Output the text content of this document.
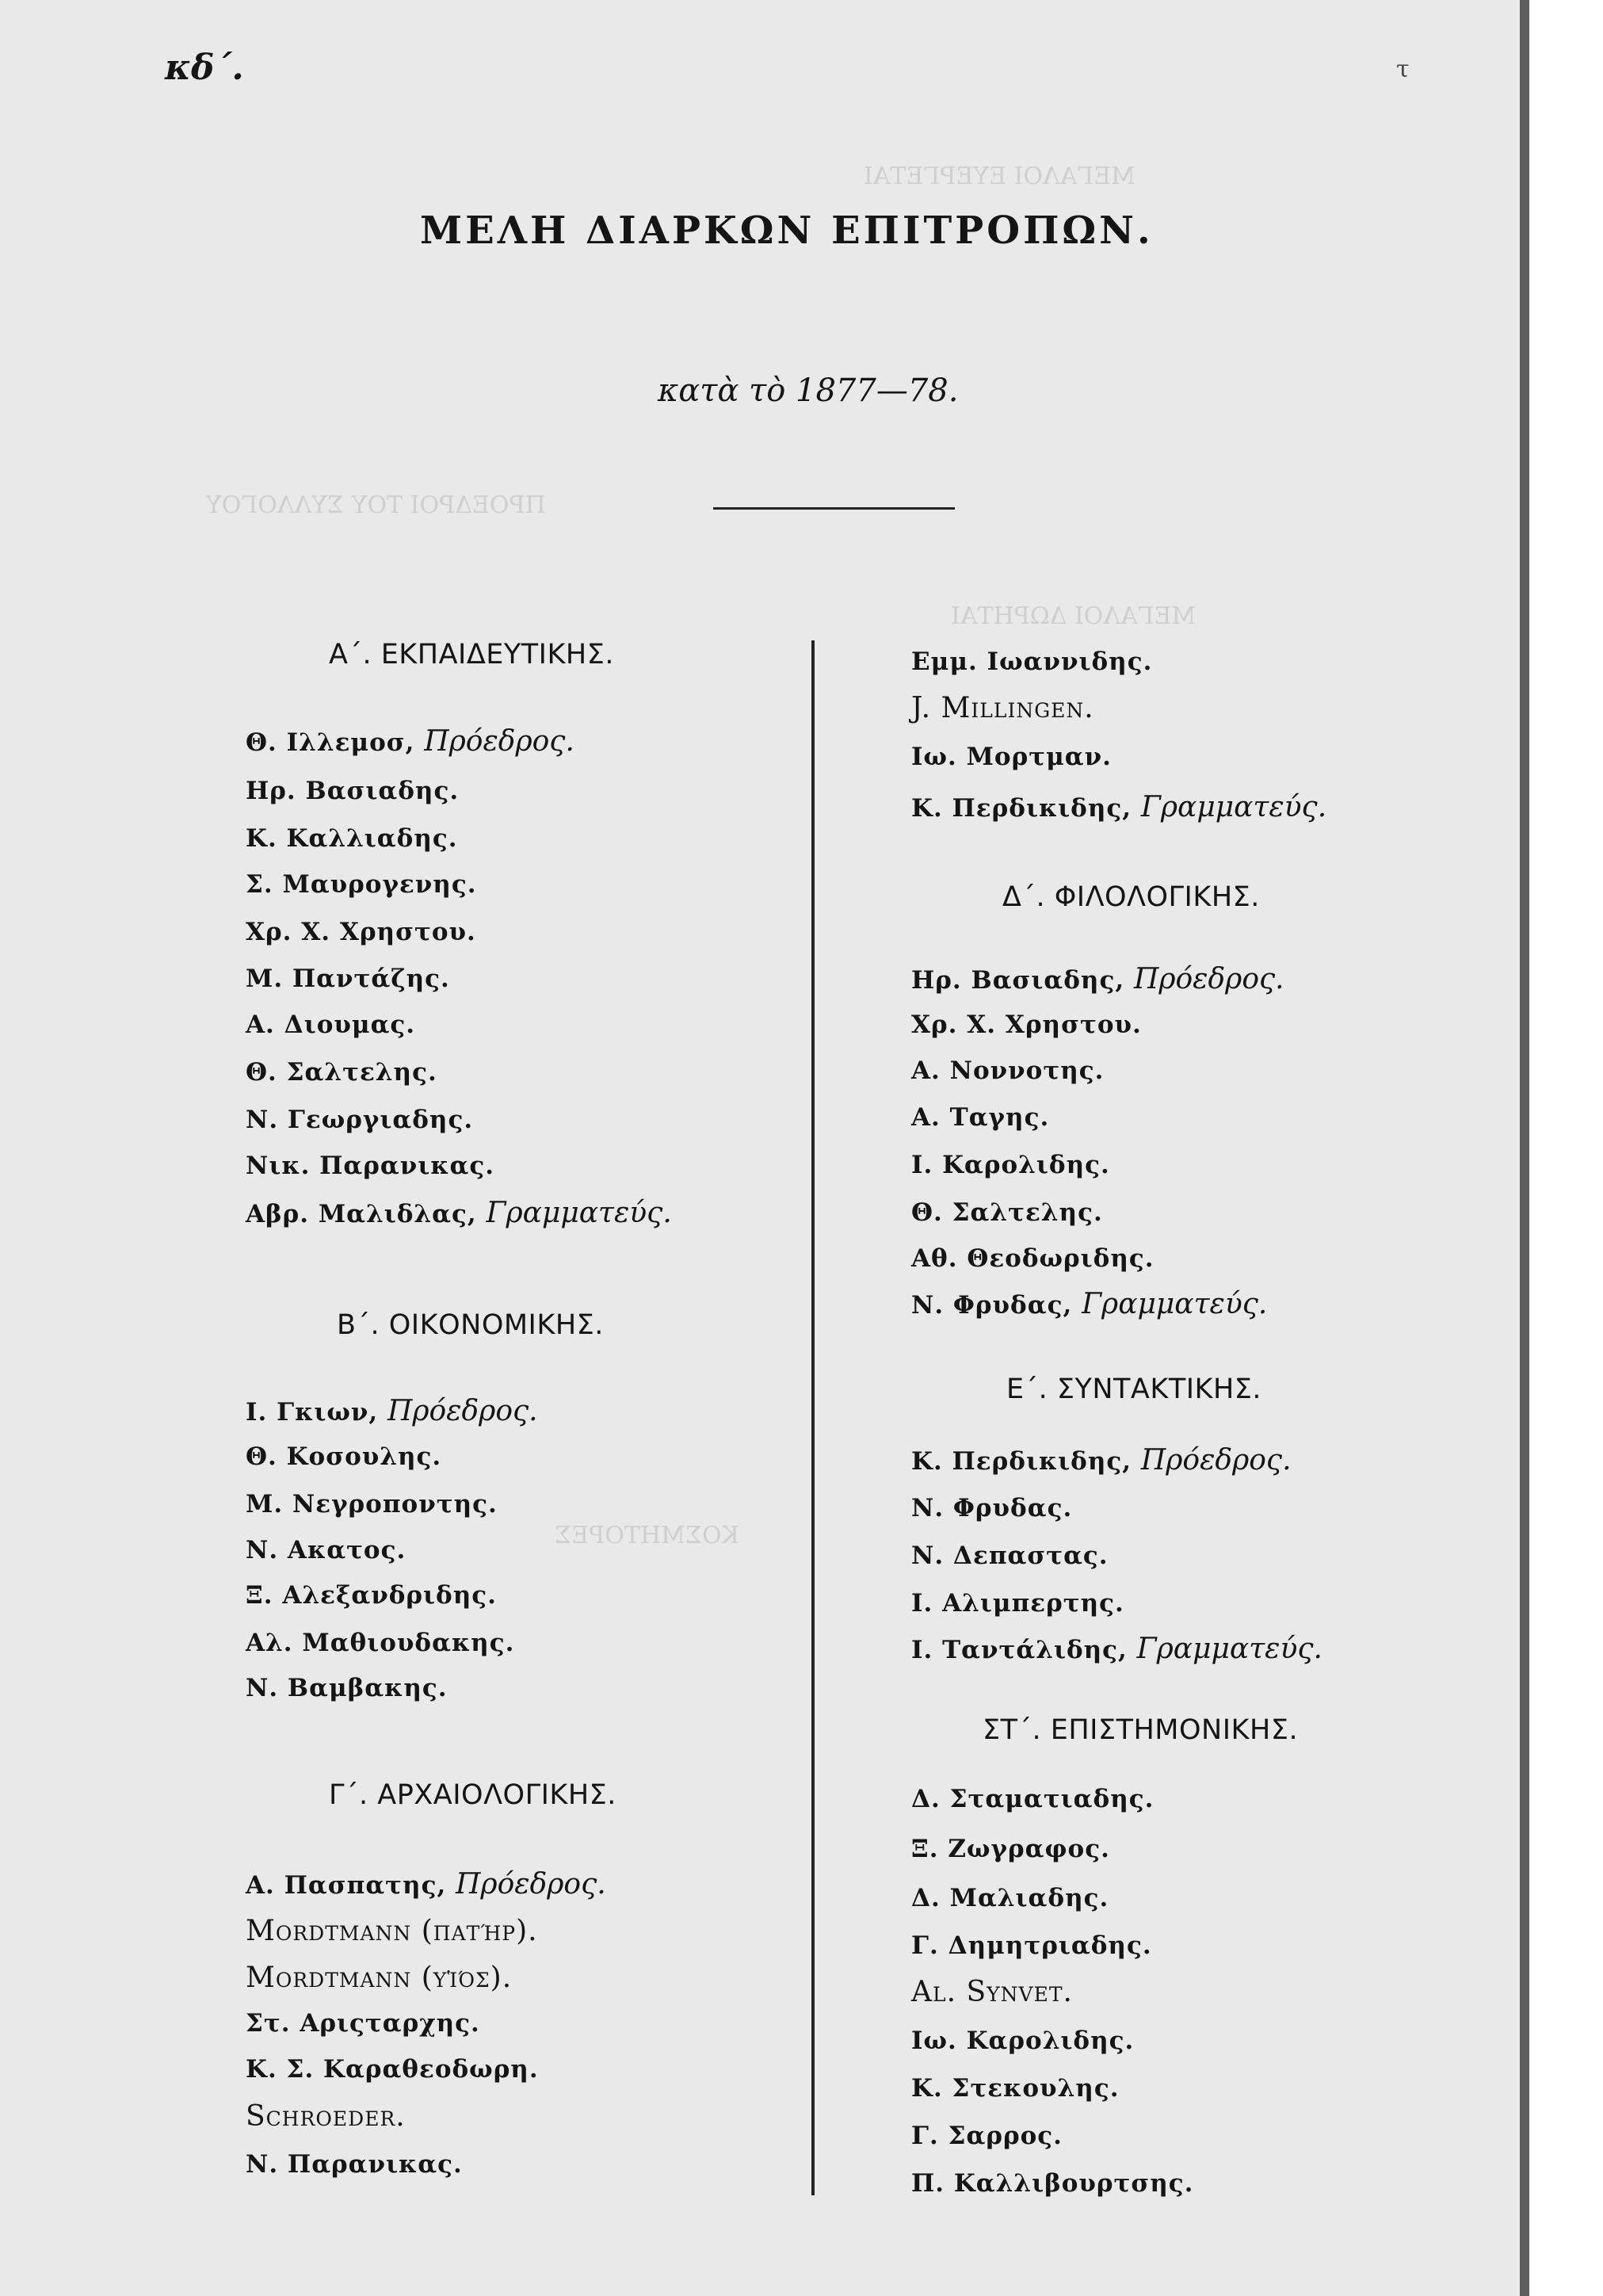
ΜΕΓΑΛΟΙ ΕΥΕΡΓΕΤΑΙ
ΠΡΟΕΔΡΟΙ ΤΟΥ ΣΥΛΛΟΓΟΥ
ΜΕΓΑΛΟΙ ΔΩΡΗΤΑΙ
ΚΟΣΜΗΤΟΡΕΣ
κδ΄.	τ
ΜΕΛΗ ΔΙΑΡΚΩΝ ΕΠΙΤΡΟΠΩΝ.
κατὰ τὸ 1877—78.
Α΄. ΕΚΠΑΙΔΕΥΤΙΚΗΣ.
Θ. Ιλλεμοσ, Πρόεδρος.
Ηρ. Βασιαδης.
Κ. Καλλιαδης.
Σ. Μαυρογενης.
Χρ. Χ. Χρηστου.
Μ. Παντάζης.
Α. Διουμας.
Θ. Σαλτελης.
Ν. Γεωργιαδης.
Νικ. Παρανικας.
Αβρ. Μαλιδλας, Γραμματεύς.
Β΄. ΟΙΚΟΝΟΜΙΚΗΣ.
Ι. Γκιων, Πρόεδρος.
Θ. Κοσουλης.
Μ. Νεγροποντης.
Ν. Ακατος.
Ξ. Αλεξανδριδης.
Αλ. Μαθιουδακης.
Ν. Βαμβακης.
Γ΄. ΑΡΧΑΙΟΛΟΓΙΚΗΣ.
Α. Πασπατης, Πρόεδρος.
Mordtmann (πατήρ).
Mordtmann (υἱός).
Στ. Αριςταρχης.
Κ. Σ. Καραθεοδωρη.
Schroeder.
Ν. Παρανικας.
Εμμ. Ιωαννιδης.
J. Millingen.
Ιω. Μορτμαν.
Κ. Περδικιδης, Γραμματεύς.
Δ΄. ΦΙΛΟΛΟΓΙΚΗΣ.
Ηρ. Βασιαδης, Πρόεδρος.
Χρ. Χ. Χρηστου.
Α. Νοννοτης.
Α. Ταγης.
Ι. Καρολιδης.
Θ. Σαλτελης.
Αθ. Θεοδωριδης.
Ν. Φρυδας, Γραμματεύς.
Ε΄. ΣΥΝΤΑΚΤΙΚΗΣ.
Κ. Περδικιδης, Πρόεδρος.
Ν. Φρυδας.
Ν. Δεπαστας.
Ι. Αλιμπερτης.
Ι. Ταντάλιδης, Γραμματεύς.
ΣΤ΄. ΕΠΙΣΤΗΜΟΝΙΚΗΣ.
Δ. Σταματιαδης.
Ξ. Ζωγραφος.
Δ. Μαλιαδης.
Γ. Δημητριαδης.
Al. Synvet.
Ιω. Καρολιδης.
Κ. Στεκουλης.
Γ. Σαρρος.
Π. Καλλιβουρτσης.
